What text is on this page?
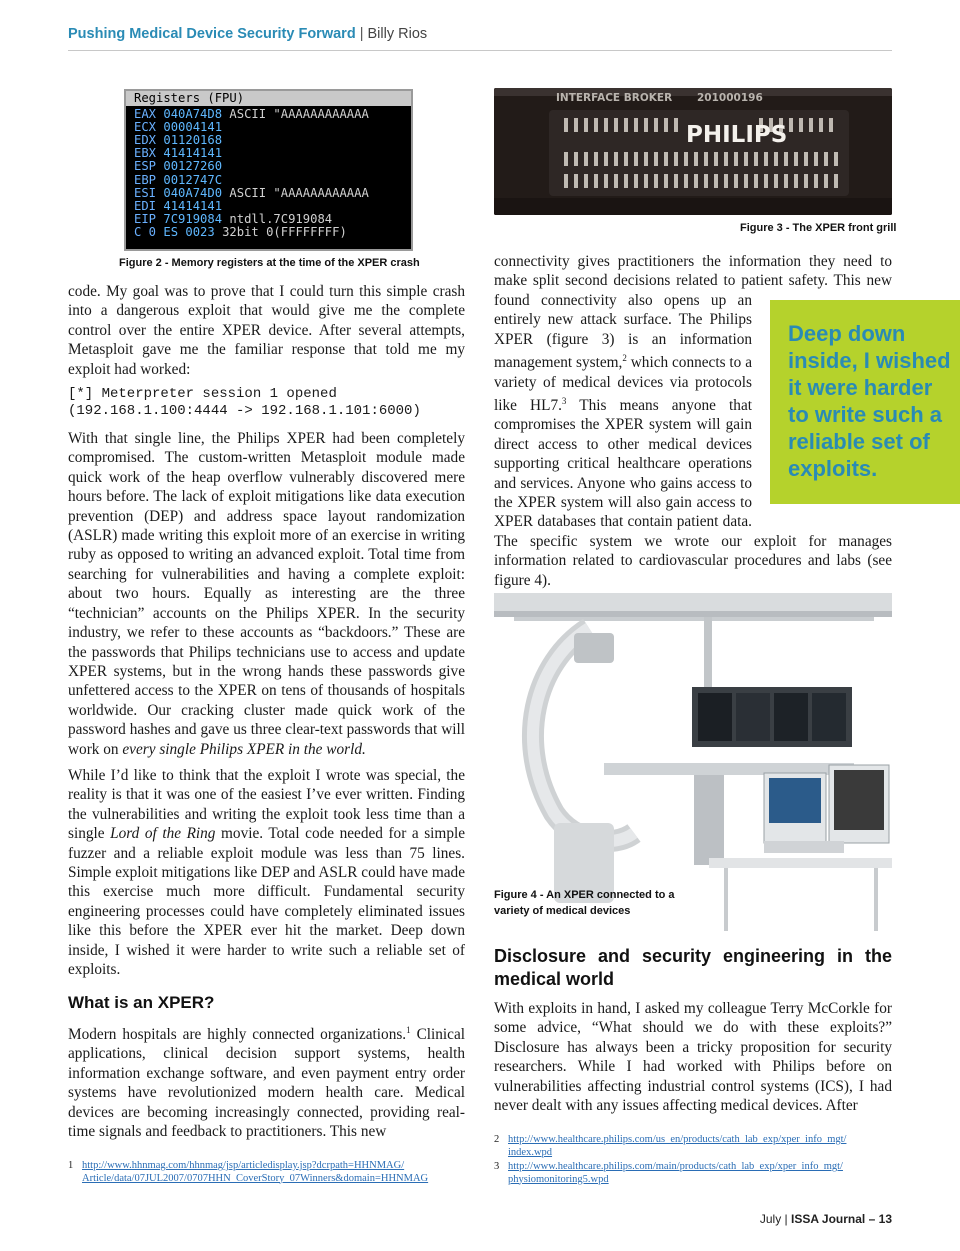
Pushing Medical Device Security Forward | Billy Rios
Registers (FPU)
EAX 040A74D8 ASCII "AAAAAAAAAAAA
ECX 00004141
EDX 01120168
EBX 41414141
ESP 00127260
EBP 0012747C
ESI 040A74D0 ASCII "AAAAAAAAAAAA
EDI 41414141
EIP 7C919084 ntdll.7C919084
C 0 ES 0023 32bit 0(FFFFFFFF)
Figure 2 - Memory registers at the time of the XPER crash
INTERFACE BROKER 201000196
PHILIPS
Figure 3 - The XPER front grill

code. My goal was to prove that I could turn this simple crash into a dangerous exploit that would give me the complete control over the entire XPER device. After several attempts, Metasploit gave me the familiar response that told me my exploit had worked:

[*] Meterpreter session 1 opened
(192.168.1.100:4444 -> 192.168.1.101:6000)

With that single line, the Philips XPER had been completely compromised. The custom-written Metasploit module made quick work of the heap overflow vulnerably discovered mere hours before. The lack of exploit mitigations like data execution prevention (DEP) and address space layout randomization (ASLR) made writing this exploit more of an exercise in writing ruby as opposed to writing an advanced exploit. Total time from searching for vulnerabilities and having a complete exploit: about two hours. Equally as interesting are the three “technician” accounts on the Philips XPER. In the security industry, we refer to these accounts as “backdoors.” These are the passwords that Philips technicians use to access and update XPER systems, but in the wrong hands these passwords give unfettered access to the XPER on tens of thousands of hospitals worldwide. Our cracking cluster made quick work of the password hashes and gave us three clear-text passwords that will work on every single Philips XPER in the world.

While I’d like to think that the exploit I wrote was special, the reality is that it was one of the easiest I’ve ever written. Finding the vulnerabilities and writing the exploit took less time than a single Lord of the Ring movie. Total code needed for a simple fuzzer and a reliable exploit module was less than 75 lines. Simple exploit mitigations like DEP and ASLR could have made this exercise much more difficult. Fundamental security engineering processes could have completely eliminated issues like this before the XPER ever hit the market. Deep down inside, I wished it were harder to write such a reliable set of exploits.

What is an XPER?

Modern hospitals are highly connected organizations.$^1$ Clinical applications, clinical decision support systems, health information exchange software, and even payment entry order systems have revolutionized modern health care. Medical devices are becoming increasingly connected, providing real-time signals and feedback to practitioners. This new

Deep down inside, I wished it were harder to write such a reliable set of exploits.

connectivity gives practitioners the information they need to make split second decisions related to patient safety. This new
found connectivity also opens up an entirely new attack surface. The Philips XPER (figure 3) is an information management system,$^2$ which connects to a variety of medical devices via protocols like HL7.$^3$ This means anyone that compromises the XPER system will gain direct access to other medical devices supporting critical healthcare operations and services. Anyone who gains access to the XPER system will also gain access to XPER databases that contain patient data. The specific system we wrote our exploit for manages information related to cardiovascular procedures and labs (see figure 4).

Figure 4 - An XPER connected to a
variety of medical devices
Disclosure and security engineering in the medical world

With exploits in hand, I asked my colleague Terry McCorkle for some advice, “What should we do with these exploits?” Disclosure has always been a tricky proposition for security researchers. While I had worked with Philips before on vulnerabilities affecting industrial control systems (ICS), I had never dealt with any issues affecting medical devices. After

1 http://www.hhnmag.com/hhnmag/jsp/articledisplay.jsp?dcrpath=HHNMAG/
Article/data/07JUL2007/0707HHN_CoverStory_07Winners&domain=HHNMAG
2 http://www.healthcare.philips.com/us_en/products/cath_lab_exp/xper_info_mgt/
index.wpd
3 http://www.healthcare.philips.com/main/products/cath_lab_exp/xper_info_mgt/
physiomonitoring5.wpd
July | ISSA Journal – 13
